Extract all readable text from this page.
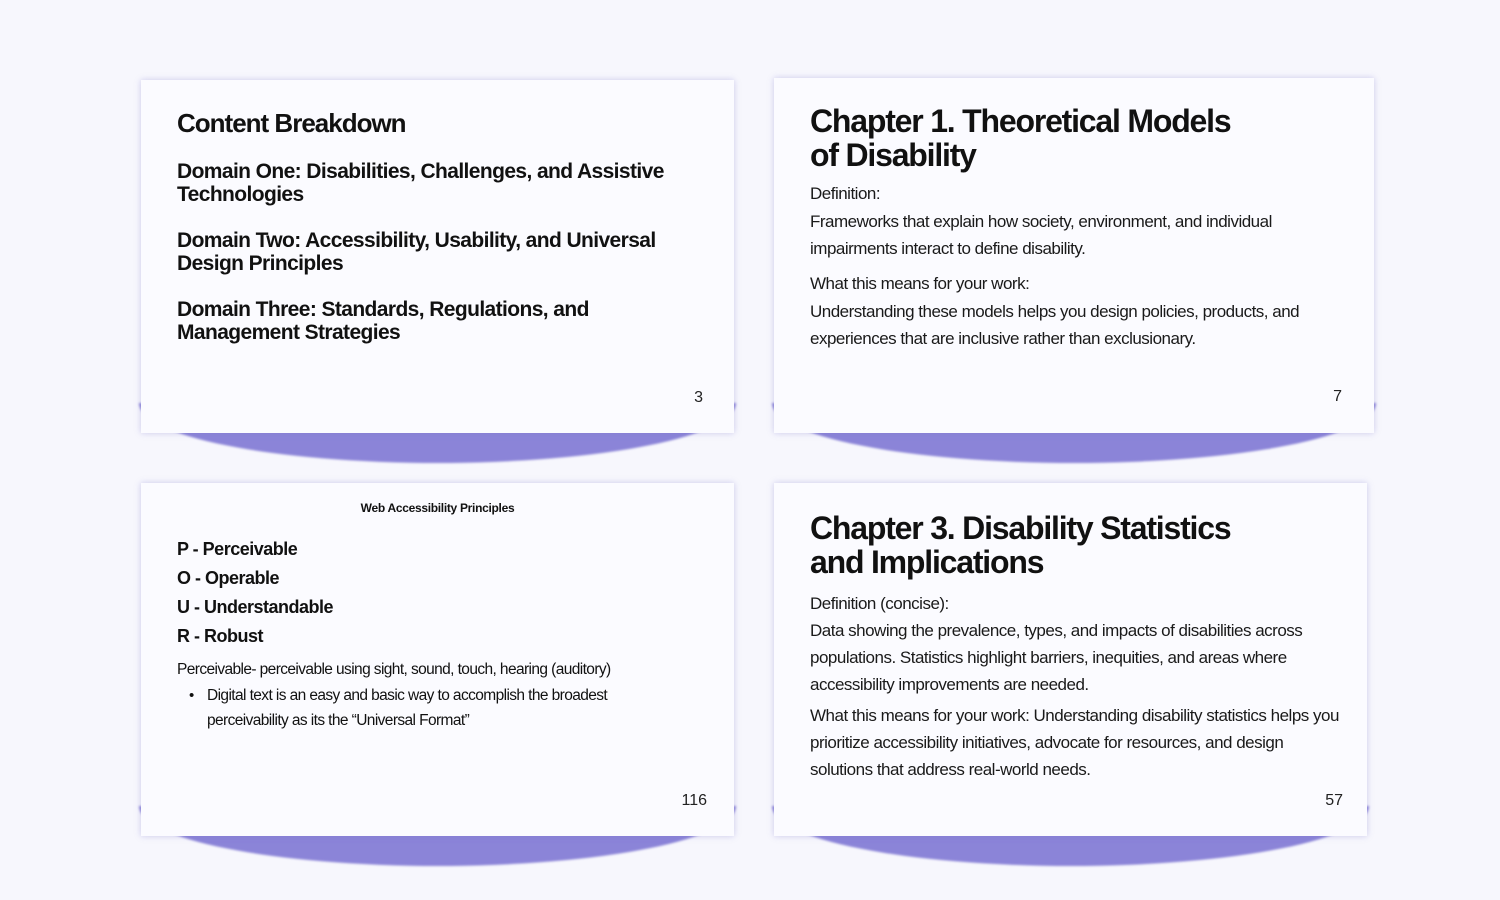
Content Breakdown

Domain One: Disabilities, Challenges, and Assistive Technologies

Domain Two: Accessibility, Usability, and Universal Design Principles

Domain Three: Standards, Regulations, and Management Strategies

3
Chapter 1. Theoretical Models
of Disability

Definition:

Frameworks that explain how society, environment, and individual impairments interact to define disability.

What this means for your work:

Understanding these models helps you design policies, products, and experiences that are inclusive rather than exclusionary.

7
Web Accessibility Principles
P - Perceivable
O - Operable
U - Understandable
R - Robust
Perceivable- perceivable using sight, sound, touch, hearing (auditory)
• Digital text is an easy and basic way to accomplish the broadest perceivability as its the “Universal Format”
116
Chapter 3. Disability Statistics
and Implications

Definition (concise):

Data showing the prevalence, types, and impacts of disabilities across populations. Statistics highlight barriers, inequities, and areas where accessibility improvements are needed.

What this means for your work: Understanding disability statistics helps you prioritize accessibility initiatives, advocate for resources, and design solutions that address real-world needs.

57
